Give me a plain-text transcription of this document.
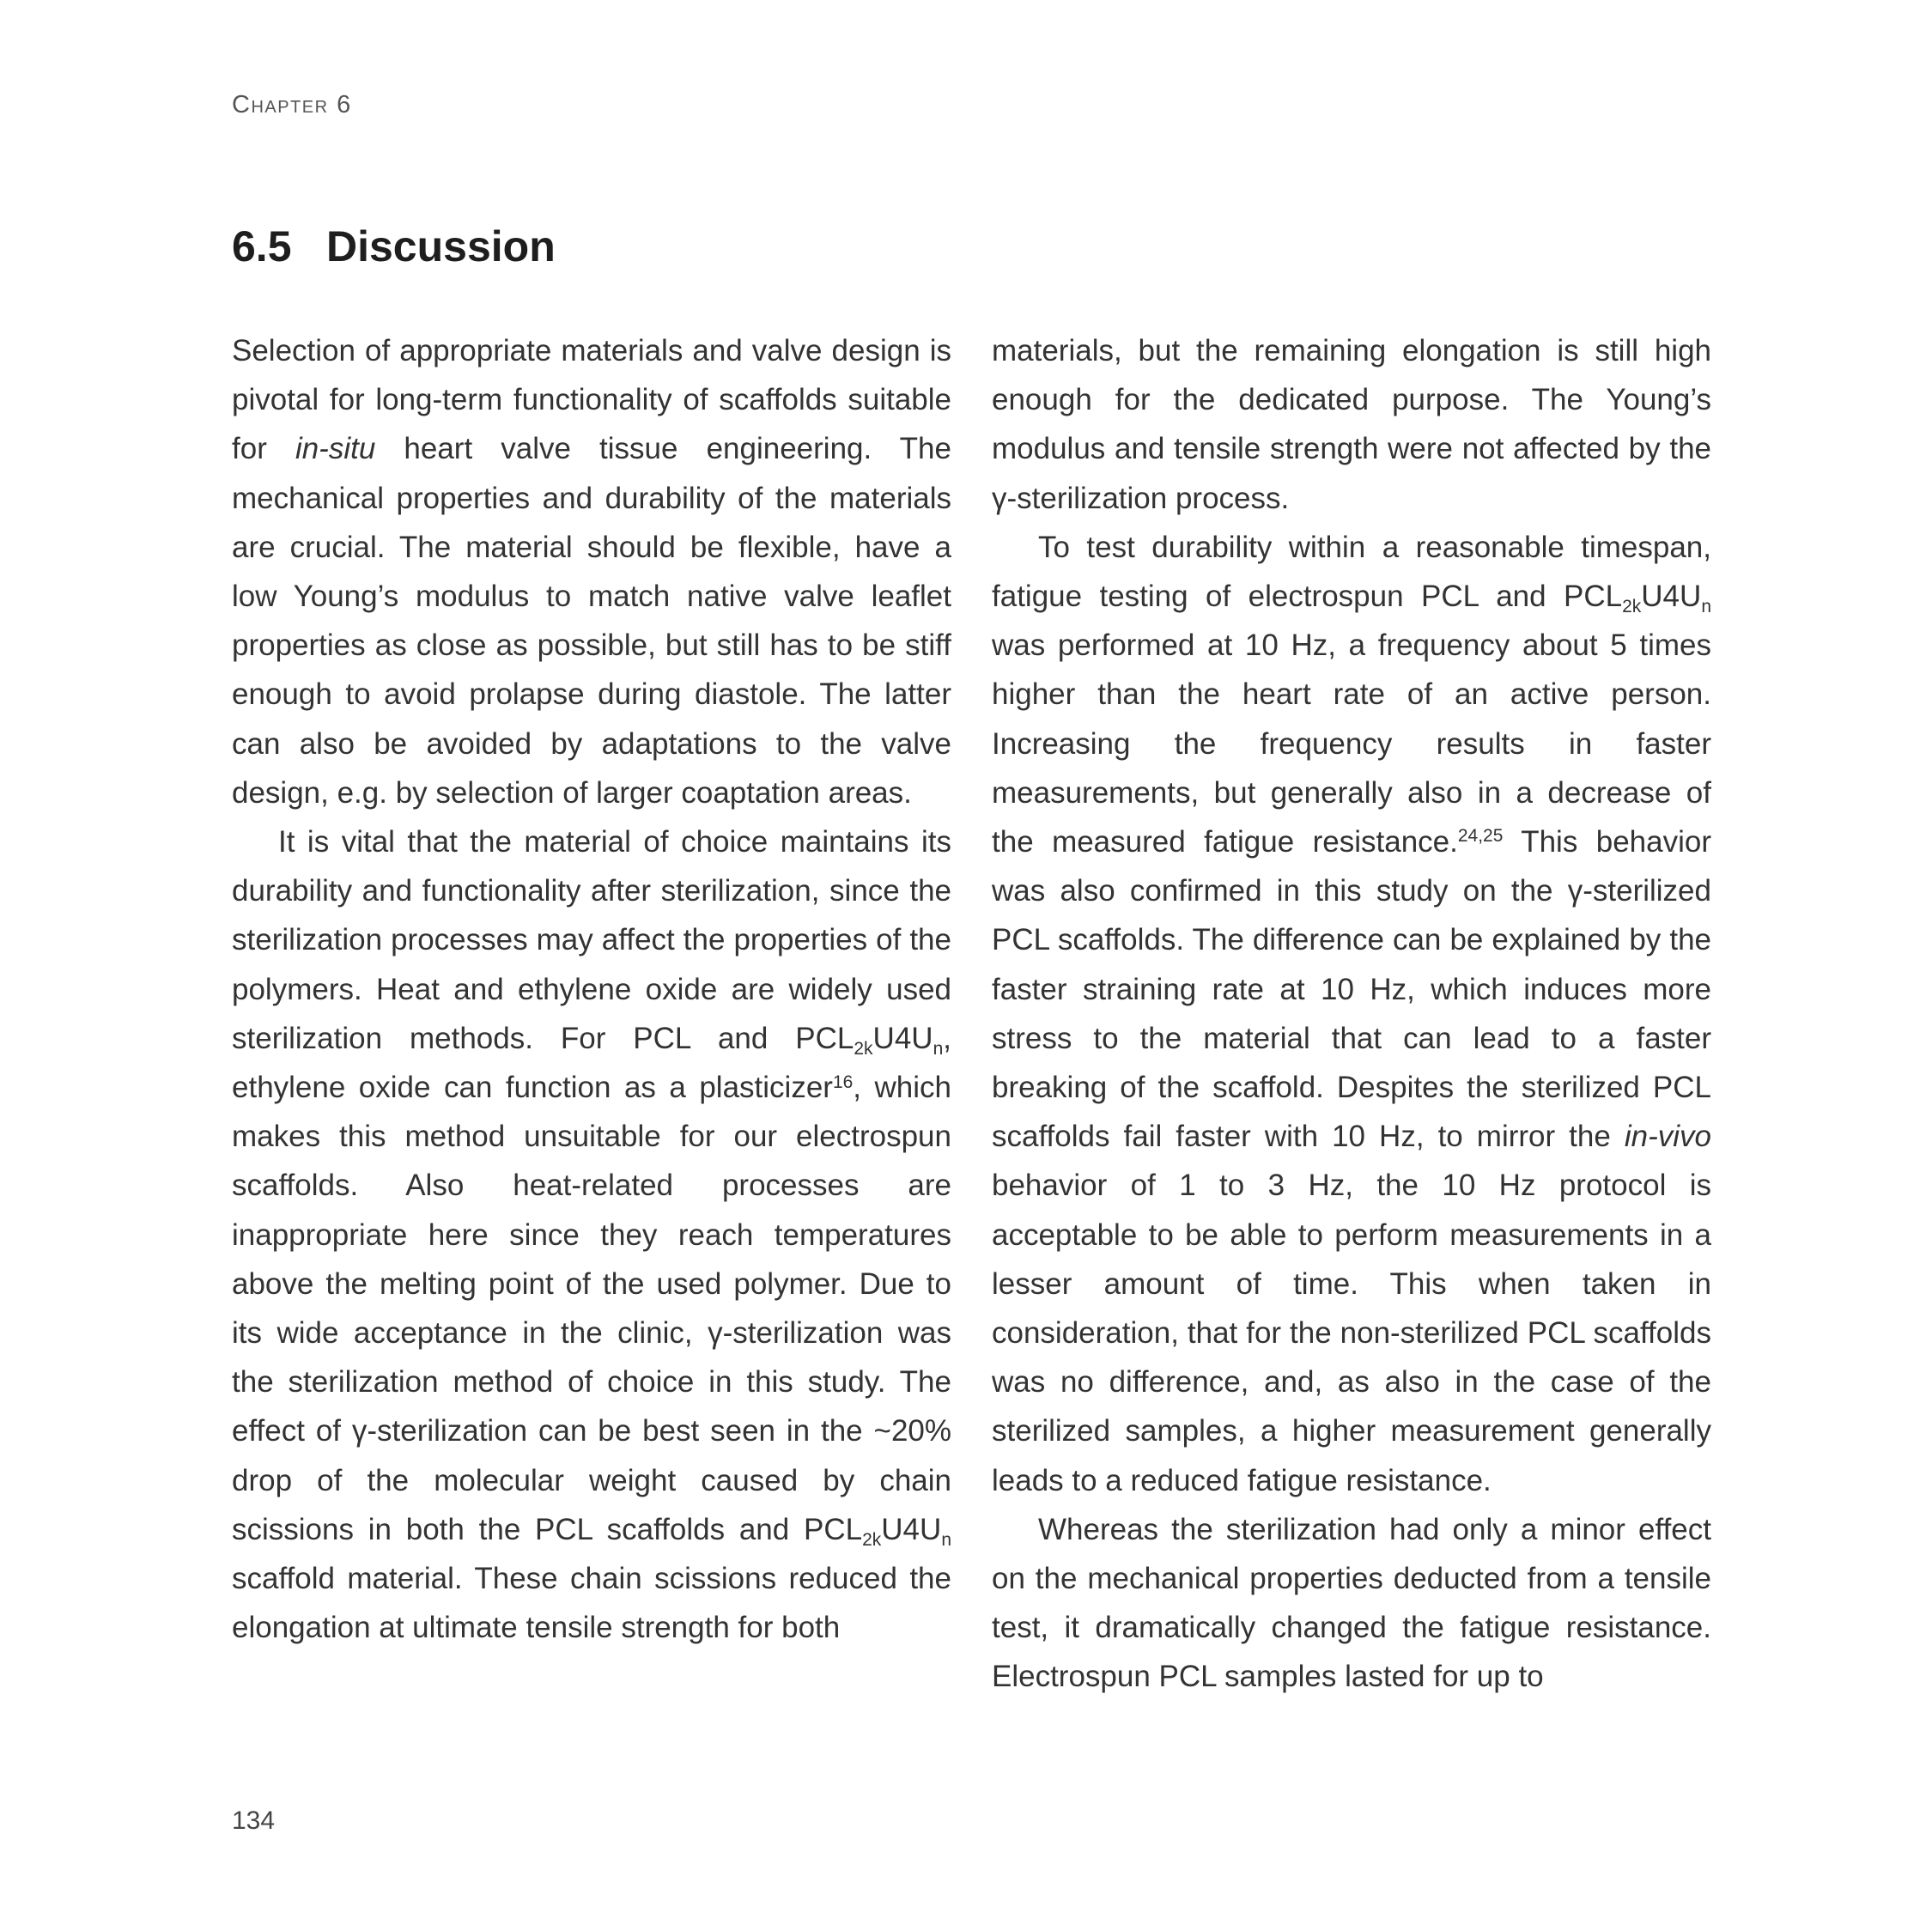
Chapter 6
6.5 Discussion

Selection of appropriate materials and valve design is pivotal for long-term functionality of scaffolds suitable for in-situ heart valve tissue engineering. The mechanical properties and durability of the materials are crucial. The material should be flexible, have a low Young’s modulus to match native valve leaflet properties as close as possible, but still has to be stiff enough to avoid prolapse during diastole. The latter can also be avoided by adaptations to the valve design, e.g. by selection of larger coaptation areas.

It is vital that the material of choice maintains its durability and functionality after sterilization, since the sterilization processes may affect the properties of the polymers. Heat and ethylene oxide are widely used sterilization methods. For PCL and $PCL_{2k}U4U_n$, ethylene oxide can function as a plasticizer$^{16}$, which makes this method unsuitable for our electrospun scaffolds. Also heat-related processes are inappropriate here since they reach temperatures above the melting point of the used polymer. Due to its wide acceptance in the clinic, γ-sterilization was the sterilization method of choice in this study. The effect of γ-sterilization can be best seen in the ~20% drop of the molecular weight caused by chain scissions in both the PCL scaffolds and $PCL_{2k}U4U_n$ scaffold material. These chain scissions reduced the elongation at ultimate tensile strength for both

materials, but the remaining elongation is still high enough for the dedicated purpose. The Young’s modulus and tensile strength were not affected by the γ-sterilization process.

To test durability within a reasonable timespan, fatigue testing of electrospun PCL and $PCL_{2k}U4U_n$ was performed at 10 Hz, a frequency about 5 times higher than the heart rate of an active person. Increasing the frequency results in faster measurements, but generally also in a decrease of the measured fatigue resistance.$^{24,25}$ This behavior was also confirmed in this study on the γ-sterilized PCL scaffolds. The difference can be explained by the faster straining rate at 10 Hz, which induces more stress to the material that can lead to a faster breaking of the scaffold. Despites the sterilized PCL scaffolds fail faster with 10 Hz, to mirror the in-vivo behavior of 1 to 3 Hz, the 10 Hz protocol is acceptable to be able to perform measurements in a lesser amount of time. This when taken in consideration, that for the non-sterilized PCL scaffolds was no difference, and, as also in the case of the sterilized samples, a higher measurement generally leads to a reduced fatigue resistance.

Whereas the sterilization had only a minor effect on the mechanical properties deducted from a tensile test, it dramatically changed the fatigue resistance. Electrospun PCL samples lasted for up to

134
